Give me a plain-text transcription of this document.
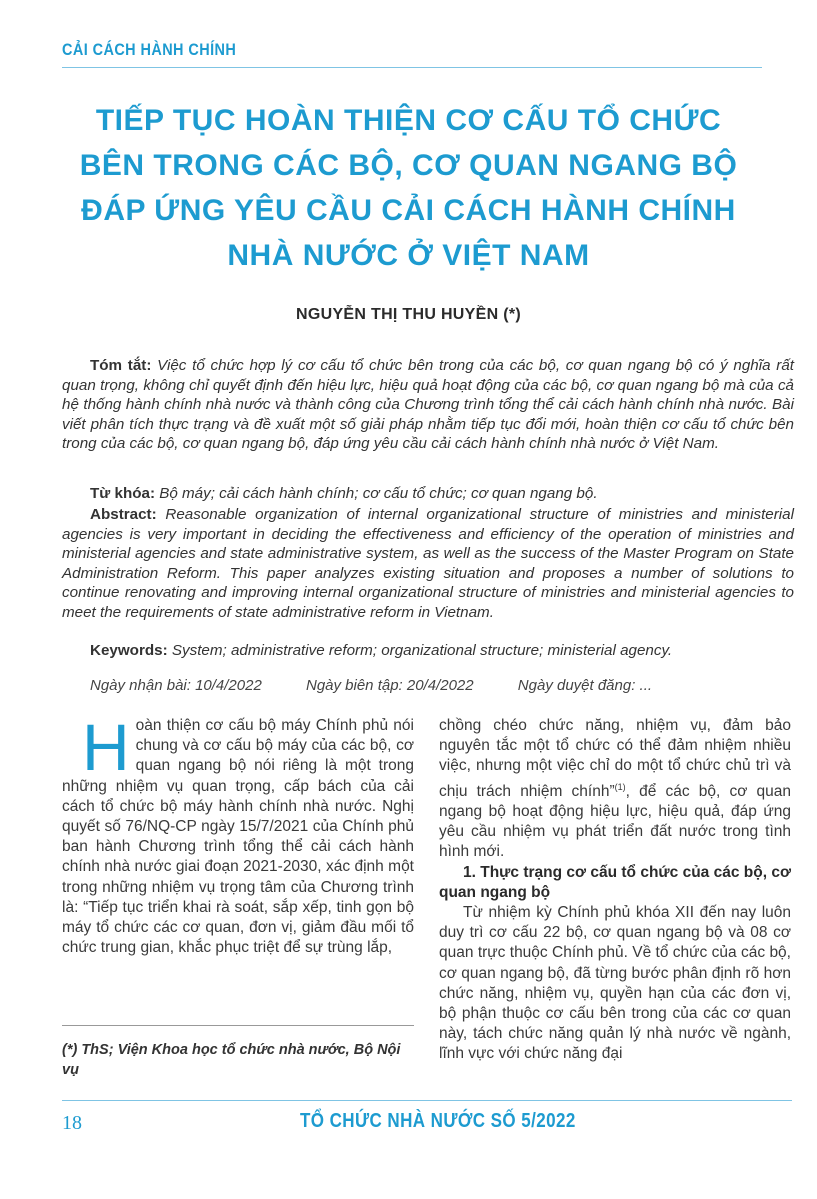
CẢI CÁCH HÀNH CHÍNH
TIẾP TỤC HOÀN THIỆN CƠ CẤU TỔ CHỨC
BÊN TRONG CÁC BỘ, CƠ QUAN NGANG BỘ
ĐÁP ỨNG YÊU CẦU CẢI CÁCH HÀNH CHÍNH
NHÀ NƯỚC Ở VIỆT NAM
NGUYỄN THỊ THU HUYỀN (*)
Tóm tắt: Việc tổ chức hợp lý cơ cấu tổ chức bên trong của các bộ, cơ quan ngang bộ có ý nghĩa rất quan trọng, không chỉ quyết định đến hiệu lực, hiệu quả hoạt động của các bộ, cơ quan ngang bộ mà của cả hệ thống hành chính nhà nước và thành công của Chương trình tổng thể cải cách hành chính nhà nước. Bài viết phân tích thực trạng và đề xuất một số giải pháp nhằm tiếp tục đổi mới, hoàn thiện cơ cấu tổ chức bên trong của các bộ, cơ quan ngang bộ, đáp ứng yêu cầu cải cách hành chính nhà nước ở Việt Nam.
Từ khóa: Bộ máy; cải cách hành chính; cơ cấu tổ chức; cơ quan ngang bộ.
Abstract: Reasonable organization of internal organizational structure of ministries and ministerial agencies is very important in deciding the effectiveness and efficiency of the operation of ministries and ministerial agencies and state administrative system, as well as the success of the Master Program on State Administration Reform. This paper analyzes existing situation and proposes a number of solutions to continue renovating and improving internal organizational structure of ministries and ministerial agencies to meet the requirements of state administrative reform in Vietnam.
Keywords: System; administrative reform; organizational structure; ministerial agency.
Ngày nhận bài: 10/4/2022	Ngày biên tập: 20/4/2022	Ngày duyệt đăng: ...

H oàn thiện cơ cấu bộ máy Chính phủ nói chung và cơ cấu bộ máy của các bộ, cơ quan ngang bộ nói riêng là một trong những nhiệm vụ quan trọng, cấp bách của cải cách tổ chức bộ máy hành chính nhà nước. Nghị quyết số 76/NQ-CP ngày 15/7/2021 của Chính phủ ban hành Chương trình tổng thể cải cách hành chính nhà nước giai đoạn 2021-2030, xác định một trong những nhiệm vụ trọng tâm của Chương trình là: “Tiếp tục triển khai rà soát, sắp xếp, tinh gọn bộ máy tổ chức các cơ quan, đơn vị, giảm đầu mối tổ chức trung gian, khắc phục triệt để sự trùng lắp,

chồng chéo chức năng, nhiệm vụ, đảm bảo nguyên tắc một tổ chức có thể đảm nhiệm nhiều việc, nhưng một việc chỉ do một tổ chức chủ trì và chịu trách nhiệm chính”$^{(1)}$, để các bộ, cơ quan ngang bộ hoạt động hiệu lực, hiệu quả, đáp ứng yêu cầu nhiệm vụ phát triển đất nước trong tình hình mới.

1. Thực trạng cơ cấu tổ chức của các bộ, cơ quan ngang bộ

Từ nhiệm kỳ Chính phủ khóa XII đến nay luôn duy trì cơ cấu 22 bộ, cơ quan ngang bộ và 08 cơ quan trực thuộc Chính phủ. Về tổ chức của các bộ, cơ quan ngang bộ, đã từng bước phân định rõ hơn chức năng, nhiệm vụ, quyền hạn của các đơn vị, bộ phận thuộc cơ cấu bên trong của các cơ quan này, tách chức năng quản lý nhà nước về ngành, lĩnh vực với chức năng đại

(*) ThS; Viện Khoa học tổ chức nhà nước, Bộ Nội vụ
18	TỔ CHỨC NHÀ NƯỚC SỐ 5/2022
